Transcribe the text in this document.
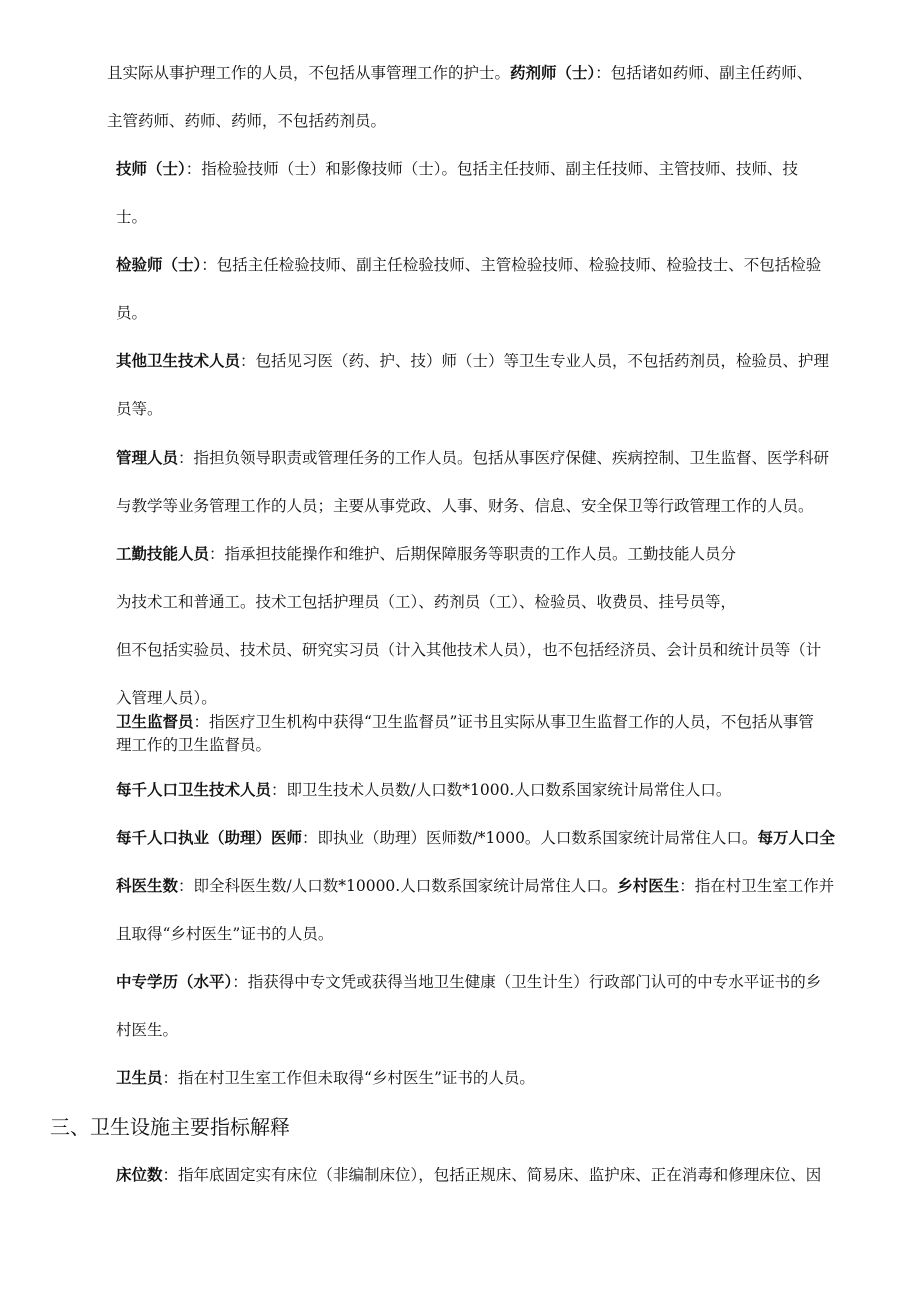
且实际从事护理工作的人员，不包括从事管理工作的护士。药剂师（士）：包括诸如药师、副主任药师、
主管药师、药师、药师，不包括药剂员。
技师（士）：指检验技师（士）和影像技师（士）。包括主任技师、副主任技师、主管技师、技师、技
士。
检验师（士）：包括主任检验技师、副主任检验技师、主管检验技师、检验技师、检验技士、不包括检验
员。
其他卫生技术人员：包括见习医（药、护、技）师（士）等卫生专业人员，不包括药剂员，检验员、护理
员等。
管理人员：指担负领导职责或管理任务的工作人员。包括从事医疗保健、疾病控制、卫生监督、医学科研
与教学等业务管理工作的人员；主要从事党政、人事、财务、信息、安全保卫等行政管理工作的人员。
工勤技能人员：指承担技能操作和维护、后期保障服务等职责的工作人员。工勤技能人员分
为技术工和普通工。技术工包括护理员（工）、药剂员（工）、检验员、收费员、挂号员等，
但不包括实验员、技术员、研究实习员（计入其他技术人员），也不包括经济员、会计员和统计员等（计
入管理人员）。
卫生监督员：指医疗卫生机构中获得“卫生监督员”证书且实际从事卫生监督工作的人员，不包括从事管
理工作的卫生监督员。
每千人口卫生技术人员：即卫生技术人员数/人口数*1000.人口数系国家统计局常住人口。
每千人口执业（助理）医师：即执业（助理）医师数/*1000。人口数系国家统计局常住人口。每万人口全
科医生数：即全科医生数/人口数*10000.人口数系国家统计局常住人口。乡村医生：指在村卫生室工作并
且取得“乡村医生”证书的人员。
中专学历（水平）：指获得中专文凭或获得当地卫生健康（卫生计生）行政部门认可的中专水平证书的乡
村医生。
卫生员：指在村卫生室工作但未取得“乡村医生”证书的人员。
三、卫生设施主要指标解释
床位数：指年底固定实有床位（非编制床位），包括正规床、简易床、监护床、正在消毒和修理床位、因
